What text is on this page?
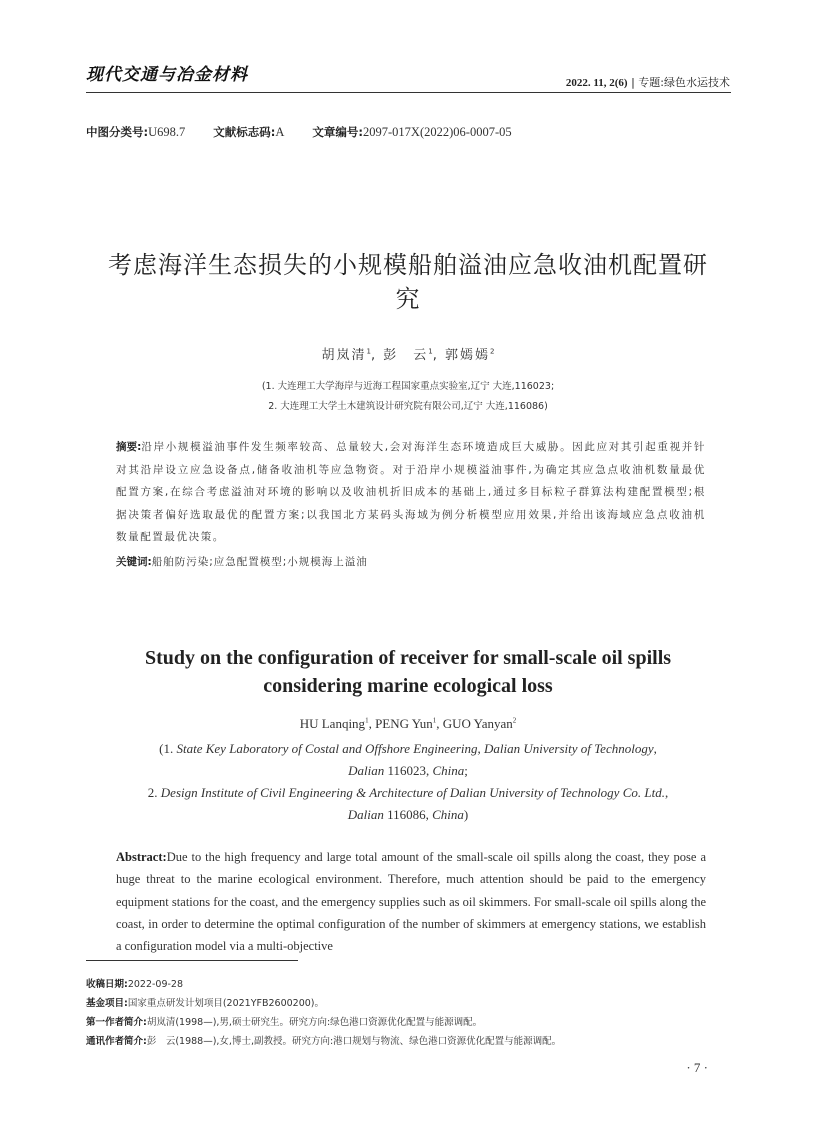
现代交通与冶金材料	2022. 11, 2(6) | 专题:绿色水运技术
中图分类号:U698.7 文献标志码:A 文章编号:2097-017X(2022)06-0007-05
考虑海洋生态损失的小规模船舶溢油应急收油机配置研究
胡岚清$^1$, 彭　云$^1$, 郭嫣嫣$^2$
(1. 大连理工大学海岸与近海工程国家重点实验室,辽宁 大连,116023;
2. 大连理工大学土木建筑设计研究院有限公司,辽宁 大连,116086)
摘要:沿岸小规模溢油事件发生频率较高、总量较大,会对海洋生态环境造成巨大威胁。因此应对其引起重视并针对其沿岸设立应急设备点,储备收油机等应急物资。对于沿岸小规模溢油事件,为确定其应急点收油机数量最优配置方案,在综合考虑溢油对环境的影响以及收油机折旧成本的基础上,通过多目标粒子群算法构建配置模型;根据决策者偏好选取最优的配置方案;以我国北方某码头海域为例分析模型应用效果,并给出该海域应急点收油机数量配置最优决策。
关键词:船舶防污染;应急配置模型;小规模海上溢油
Study on the configuration of receiver for small-scale oil spills considering marine ecological loss
HU Lanqing$^1$, PENG Yun$^1$, GUO Yanyan$^2$
(1. State Key Laboratory of Costal and Offshore Engineering, Dalian University of Technology,
Dalian 116023, China;
2. Design Institute of Civil Engineering & Architecture of Dalian University of Technology Co. Ltd.,
Dalian 116086, China)
Abstract:Due to the high frequency and large total amount of the small-scale oil spills along the coast, they pose a huge threat to the marine ecological environment. Therefore, much attention should be paid to the emergency equipment stations for the coast, and the emergency supplies such as oil skimmers. For small-scale oil spills along the coast, in order to determine the optimal configuration of the number of skimmers at emergency stations, we establish a configuration model via a multi-objective
收稿日期:2022-09-28
基金项目:国家重点研发计划项目(2021YFB2600200)。
第一作者简介:胡岚清(1998—),男,硕士研究生。研究方向:绿色港口资源优化配置与能源调配。
通讯作者简介:彭　云(1988—),女,博士,副教授。研究方向:港口规划与物流、绿色港口资源优化配置与能源调配。
· 7 ·
